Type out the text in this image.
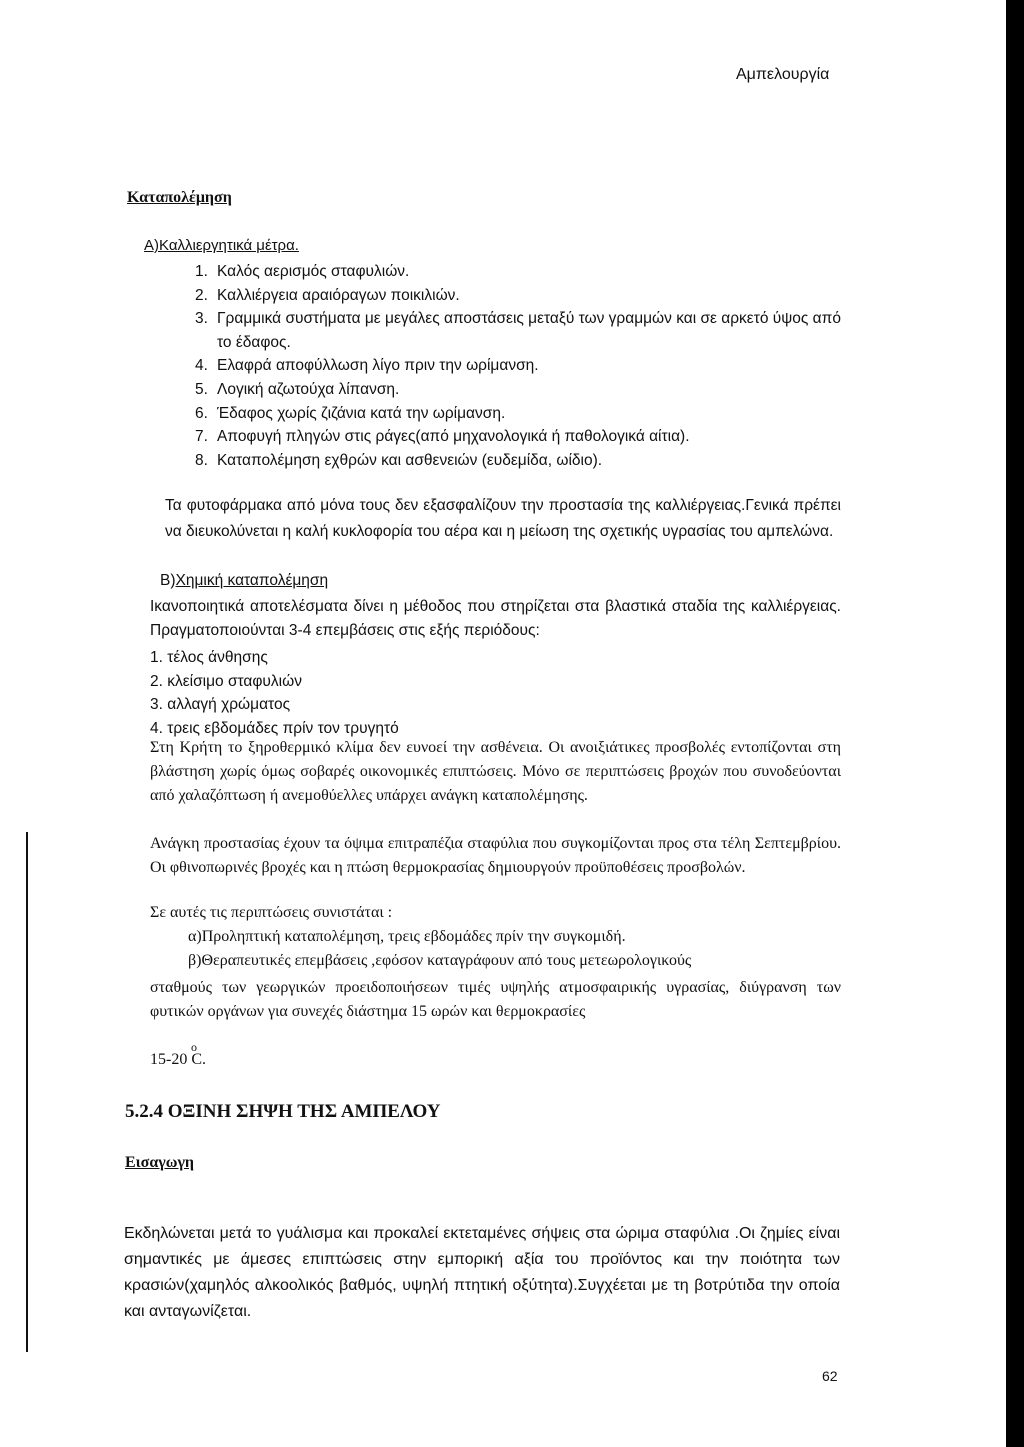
Αμπελουργία
Καταπολέμηση
Α)Καλλιεργητικά μέτρα.
1. Καλός αερισμός σταφυλιών.
2. Καλλιέργεια αραιόραγων ποικιλιών.
3. Γραμμικά συστήματα με μεγάλες αποστάσεις μεταξύ των γραμμών και σε αρκετό ύψος από το έδαφος.
4. Ελαφρά αποφύλλωση λίγο πριν την ωρίμανση.
5. Λογική αζωτούχα λίπανση.
6. Έδαφος χωρίς ζιζάνια κατά την ωρίμανση.
7. Αποφυγή πληγών στις ράγες(από μηχανολογικά ή παθολογικά αίτια).
8. Καταπολέμηση εχθρών και ασθενειών (ευδεμίδα, ωίδιο).
Τα φυτοφάρμακα από μόνα τους δεν εξασφαλίζουν την προστασία της καλλιέργειας.Γενικά πρέπει να διευκολύνεται η καλή κυκλοφορία του αέρα και η μείωση της σχετικής υγρασίας του αμπελώνα.
Β)Χημική καταπολέμηση
Ικανοποιητικά αποτελέσματα δίνει η μέθοδος που στηρίζεται στα βλαστικά σταδία της καλλιέργειας. Πραγματοποιούνται 3-4 επεμβάσεις στις εξής περιόδους:
1. τέλος άνθησης
2. κλείσιμο σταφυλιών
3. αλλαγή χρώματος
4. τρεις εβδομάδες πρίν τον τρυγητό
Στη Κρήτη το ξηροθερμικό κλίμα δεν ευνοεί την ασθένεια. Οι ανοιξιάτικες προσβολές εντοπίζονται στη βλάστηση χωρίς όμως σοβαρές οικονομικές επιπτώσεις. Μόνο σε περιπτώσεις βροχών που συνοδεύονται από χαλαζόπτωση ή ανεμοθύελλες υπάρχει ανάγκη καταπολέμησης.
Ανάγκη προστασίας έχουν τα όψιμα επιτραπέζια σταφύλια που συγκομίζονται προς στα τέλη Σεπτεμβρίου. Οι φθινοπωρινές βροχές και η πτώση θερμοκρασίας δημιουργούν προϋποθέσεις προσβολών.
Σε αυτές τις περιπτώσεις συνιστάται :
α)Προληπτική καταπολέμηση, τρεις εβδομάδες πρίν την συγκομιδή.
β)Θεραπευτικές επεμβάσεις ,εφόσον καταγράφουν από τους μετεωρολογικούς
σταθμούς των γεωργικών προειδοποιήσεων τιμές υψηλής ατμοσφαιρικής υγρασίας, διύγρανση των φυτικών οργάνων για συνεχές διάστημα 15 ωρών και θερμοκρασίες
o
15-20 C.
5.2.4 ΟΞΙΝΗ ΣΗΨΗ ΤΗΣ ΑΜΠΕΛΟΥ
Εισαγωγη
Εκδηλώνεται μετά το γυάλισμα και προκαλεί εκτεταμένες σήψεις στα ώριμα σταφύλια .Οι ζημίες είναι σημαντικές με άμεσες επιπτώσεις στην εμπορική αξία του προϊόντος και την ποιότητα των κρασιών(χαμηλός αλκοολικός βαθμός, υψηλή πτητική οξύτητα).Συγχέεται με τη βοτρύτιδα την οποία και ανταγωνίζεται.
62
